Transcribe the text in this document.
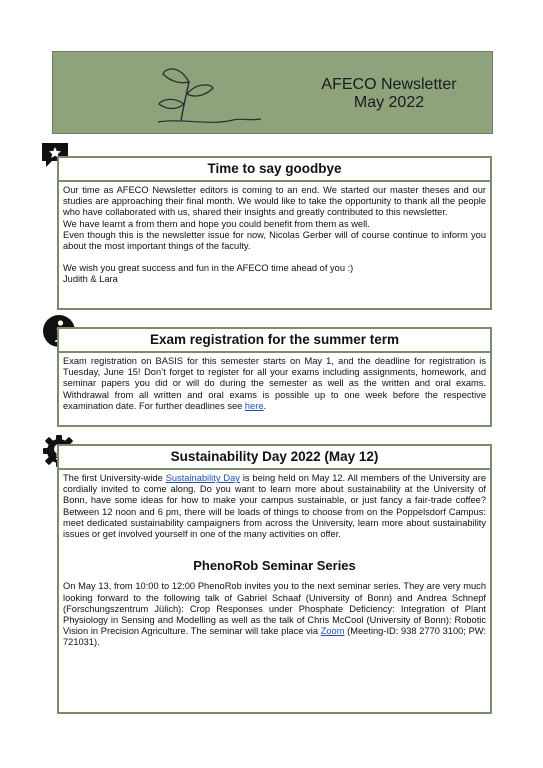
AFECO Newsletter
May 2022
Time to say goodbye

Our time as AFECO Newsletter editors is coming to an end. We started our master theses and our studies are approaching their final month. We would like to take the opportunity to thank all the people who have collaborated with us, shared their insights and greatly contributed to this newsletter.

We have learnt a from them and hope you could benefit from them as well.

Even though this is the newsletter issue for now, Nicolas Gerber will of course continue to inform you about the most important things of the faculty.

We wish you great success and fun in the AFECO time ahead of you :)

Judith & Lara

Exam registration for the summer term

Exam registration on BASIS for this semester starts on May 1, and the deadline for registration is Tuesday, June 15! Don’t forget to register for all your exams including assignments, homework, and seminar papers you did or will do during the semester as well as the written and oral exams. Withdrawal from all written and oral exams is possible up to one week before the respective examination date. For further deadlines see here.

Sustainability Day 2022 (May 12)

The first University-wide Sustainability Day is being held on May 12. All members of the University are cordially invited to come along. Do you want to learn more about sustainability at the University of Bonn, have some ideas for how to make your campus sustainable, or just fancy a fair-trade coffee? Between 12 noon and 6 pm, there will be loads of things to choose from on the Poppelsdorf Campus: meet dedicated sustainability campaigners from across the University, learn more about sustainability issues or get involved yourself in one of the many activities on offer.

PhenoRob Seminar Series

On May 13, from 10:00 to 12:00 PhenoRob invites you to the next seminar series. They are very much looking forward to the following talk of Gabriel Schaaf (University of Bonn) and Andrea Schnepf (Forschungszentrum Jülich): Crop Responses under Phosphate Deficiency: Integration of Plant Physiology in Sensing and Modelling as well as the talk of Chris McCool (University of Bonn): Robotic Vision in Precision Agriculture. The seminar will take place via Zoom (Meeting-ID: 938 2770 3100; PW: 721031).
